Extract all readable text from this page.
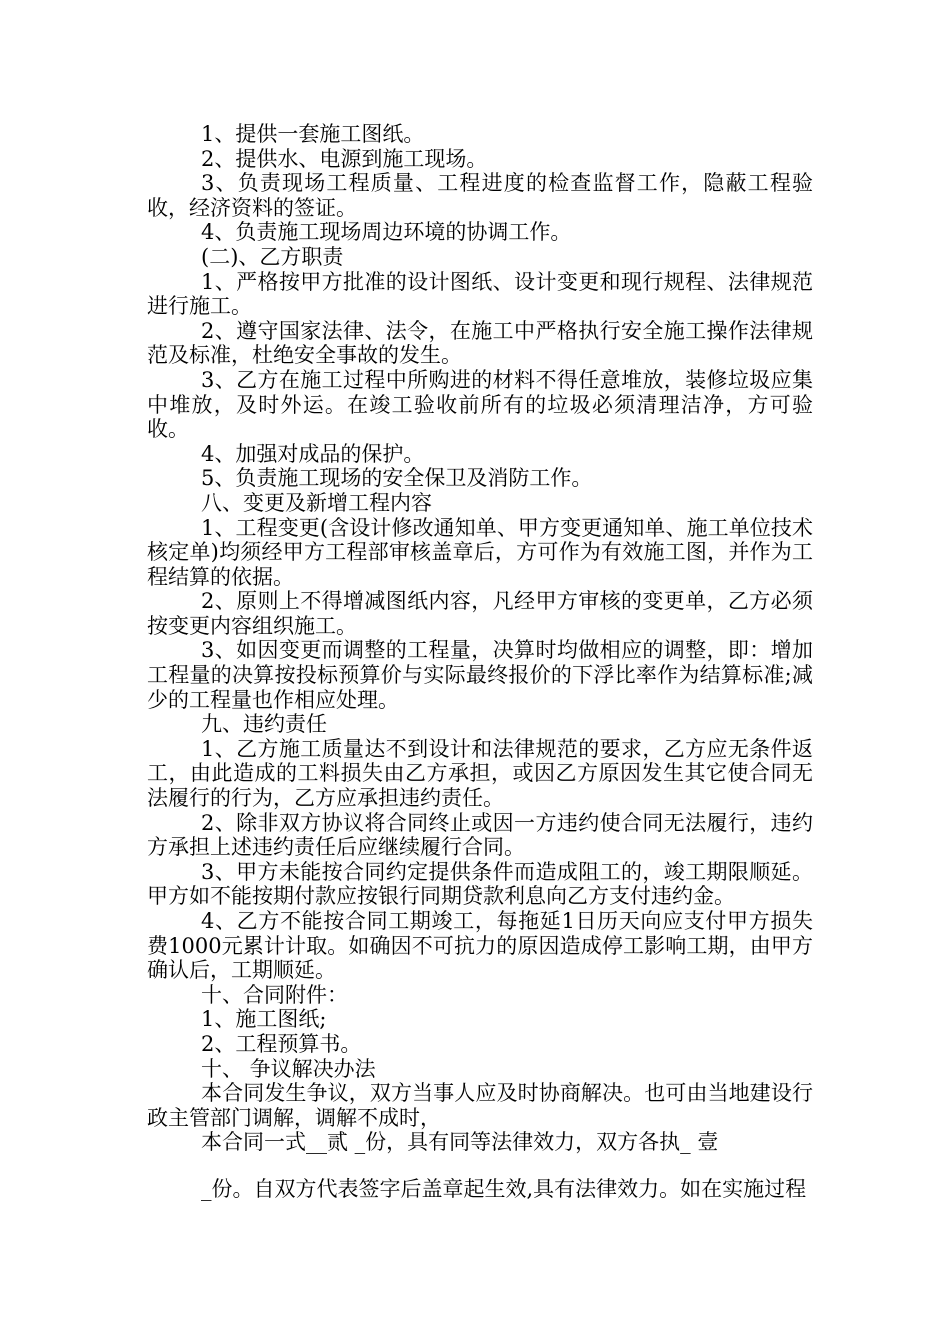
1、提供一套施工图纸。

2、提供水、电源到施工现场。

3、负责现场工程质量、工程进度的检查监督工作，隐蔽工程验收，经济资料的签证。

4、负责施工现场周边环境的协调工作。

(二)、乙方职责

1、严格按甲方批准的设计图纸、设计变更和现行规程、法律规范进行施工。

2、遵守国家法律、法令，在施工中严格执行安全施工操作法律规范及标准，杜绝安全事故的发生。

3、乙方在施工过程中所购进的材料不得任意堆放，装修垃圾应集中堆放，及时外运。在竣工验收前所有的垃圾必须清理洁净，方可验收。

4、加强对成品的保护。

5、负责施工现场的安全保卫及消防工作。

八、变更及新增工程内容

1、工程变更(含设计修改通知单、甲方变更通知单、施工单位技术核定单)均须经甲方工程部审核盖章后，方可作为有效施工图，并作为工程结算的依据。

2、原则上不得增减图纸内容，凡经甲方审核的变更单，乙方必须按变更内容组织施工。

3、如因变更而调整的工程量，决算时均做相应的调整，即：增加工程量的决算按投标预算价与实际最终报价的下浮比率作为结算标准;减少的工程量也作相应处理。

九、违约责任

1、乙方施工质量达不到设计和法律规范的要求，乙方应无条件返工，由此造成的工料损失由乙方承担，或因乙方原因发生其它使合同无法履行的行为，乙方应承担违约责任。

2、除非双方协议将合同终止或因一方违约使合同无法履行，违约方承担上述违约责任后应继续履行合同。

3、甲方未能按合同约定提供条件而造成阻工的，竣工期限顺延。甲方如不能按期付款应按银行同期贷款利息向乙方支付违约金。

4、乙方不能按合同工期竣工，每拖延1日历天向应支付甲方损失费1000元累计计取。如确因不可抗力的原因造成停工影响工期，由甲方确认后，工期顺延。

十、合同附件：

1、施工图纸;

2、工程预算书。

十、 争议解决办法

本合同发生争议，双方当事人应及时协商解决。也可由当地建设行政主管部门调解，调解不成时，

本合同一式__贰 _份，具有同等法律效力，双方各执_ 壹

_份。自双方代表签字后盖章起生效,具有法律效力。如在实施过程
